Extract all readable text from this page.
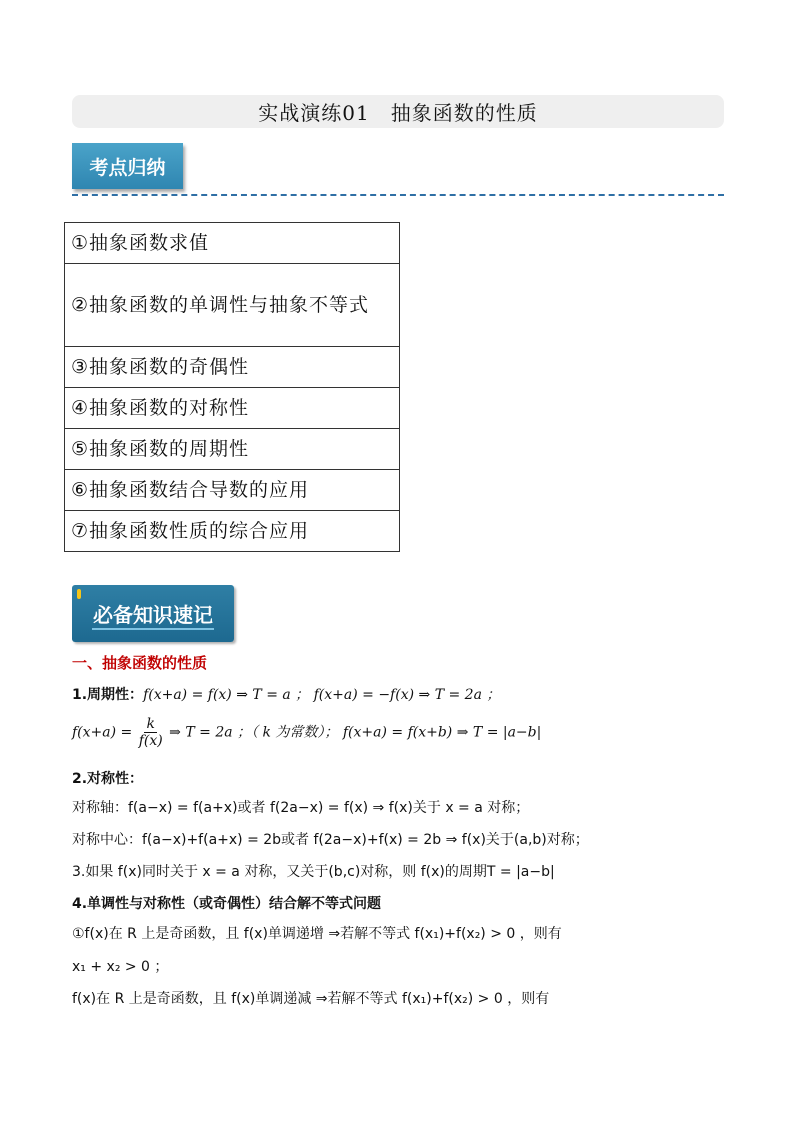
实战演练01　抽象函数的性质
考点归纳
①抽象函数求值
②抽象函数的单调性与抽象不等式
③抽象函数的奇偶性
④抽象函数的对称性
⑤抽象函数的周期性
⑥抽象函数结合导数的应用
⑦抽象函数性质的综合应用
必备知识速记
一、抽象函数的性质
1.周期性：f(x+a) = f(x) ⇒ T = a ； f(x+a) = −f(x) ⇒ T = 2a ；
$f(x+a) = \frac{k}{f(x)}$ ⇒ T = 2a ；（ k 为常数）； f(x+a) = f(x+b) ⇒ T = |a−b|
2.对称性：
对称轴：f(a−x) = f(a+x)或者 f(2a−x) = f(x) ⇒ f(x)关于 x = a 对称；
对称中心：f(a−x)+f(a+x) = 2b或者 f(2a−x)+f(x) = 2b ⇒ f(x)关于(a,b)对称；
3.如果 f(x)同时关于 x = a 对称，又关于(b,c)对称，则 f(x)的周期T = |a−b|
4.单调性与对称性（或奇偶性）结合解不等式问题
①f(x)在 R 上是奇函数，且 f(x)单调递增 ⇒若解不等式 f(x₁)+f(x₂) > 0 ，则有
x₁ + x₂ > 0 ；
f(x)在 R 上是奇函数，且 f(x)单调递减 ⇒若解不等式 f(x₁)+f(x₂) > 0 ，则有
